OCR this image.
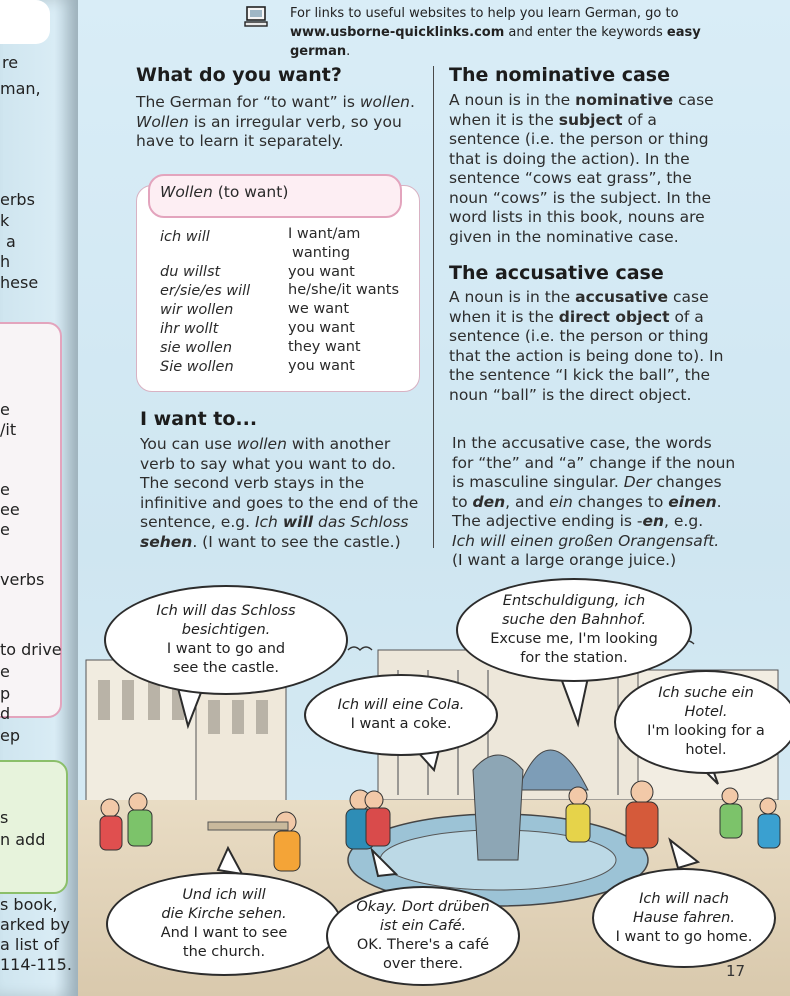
re
man,
erbs
k
a
h
hese
e
/it
e
ee
e
verbs
to drive
e
p
d
ep
s
n add
s book,
arked by
a list of
114-115.
For links to useful websites to help you learn German, go to
www.usborne-quicklinks.com and enter the keywords easy german.
What do you want?
The German for “to want” is wollen.
Wollen is an irregular verb, so you
have to learn it separately.
Wollen (to want)
ich will	I want/am
wanting
du willst	you want
er/sie/es will	he/she/it wants
wir wollen	we want
ihr wollt	you want
sie wollen	they want
Sie wollen	you want
I want to...
You can use wollen with another
verb to say what you want to do.
The second verb stays in the
infinitive and goes to the end of the
sentence, e.g. Ich will das Schloss
sehen. (I want to see the castle.)
The nominative case
A noun is in the nominative case
when it is the subject of a
sentence (i.e. the person or thing
that is doing the action). In the
sentence “cows eat grass”, the
noun “cows” is the subject. In the
word lists in this book, nouns are
given in the nominative case.
The accusative case
A noun is in the accusative case
when it is the direct object of a
sentence (i.e. the person or thing
that the action is being done to). In
the sentence “I kick the ball”, the
noun “ball” is the direct object.
In the accusative case, the words
for “the” and “a” change if the noun
is masculine singular. Der changes
to den, and ein changes to einen.
The adjective ending is -en, e.g.
Ich will einen großen Orangensaft.
(I want a large orange juice.)
Ich will das Schloss
besichtigen.
I want to go and
see the castle.
Entschuldigung, ich
suche den Bahnhof.
Excuse me, I'm looking
for the station.
Ich will eine Cola.
I want a coke.
Ich suche ein
Hotel.
I'm looking for a
hotel.
Und ich will
die Kirche sehen.
And I want to see
the church.
Okay. Dort drüben
ist ein Café.
OK. There's a café
over there.
Ich will nach
Hause fahren.
I want to go home.
17
